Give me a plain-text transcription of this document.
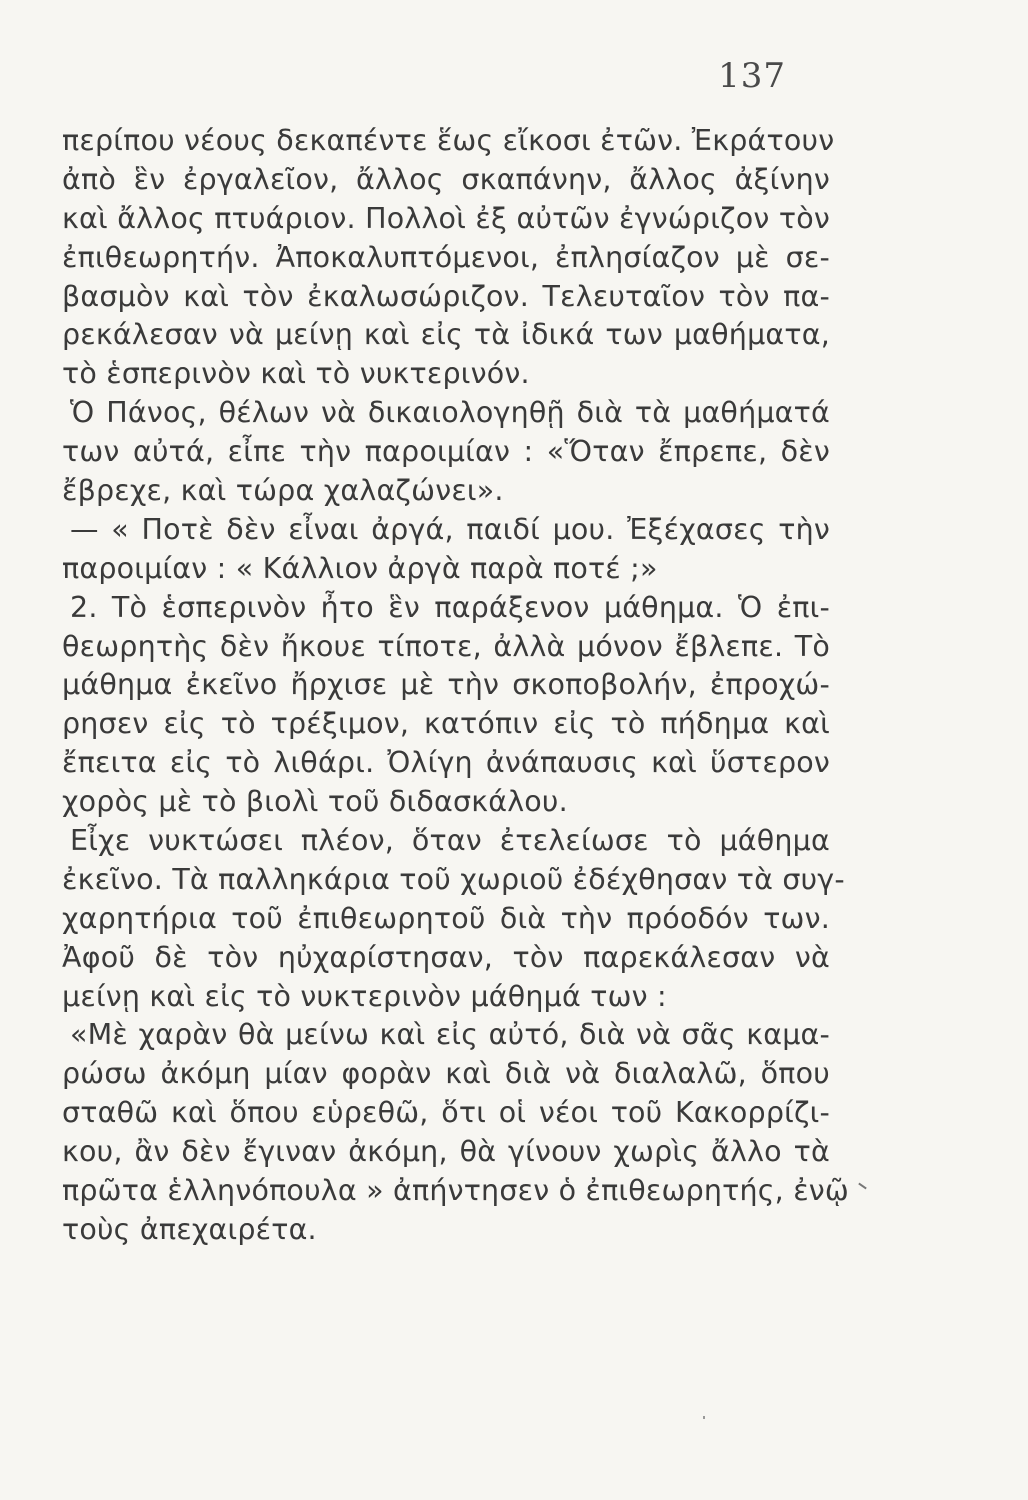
137
περίπου νέους δεκαπέντε ἕως εἴκοσι ἐτῶν. Ἐκράτουν
ἀπὸ ἓν ἐργαλεῖον, ἄλλος σκαπάνην, ἄλλος ἀξίνην
καὶ ἄλλος πτυάριον. Πολλοὶ ἐξ αὐτῶν ἐγνώριζον τὸν
ἐπιθεωρητήν. Ἀποκαλυπτόμενοι, ἐπλησίαζον μὲ σε-
βασμὸν καὶ τὸν ἐκαλωσώριζον. Τελευταῖον τὸν πα-
ρεκάλεσαν νὰ μείνῃ καὶ εἰς τὰ ἰδικά των μαθήματα,
τὸ ἑσπερινὸν καὶ τὸ νυκτερινόν.
Ὁ Πάνος, θέλων νὰ δικαιολογηθῇ διὰ τὰ μαθήματά
των αὐτά, εἶπε τὴν παροιμίαν : «Ὅταν ἔπρεπε, δὲν
ἔβρεχε, καὶ τώρα χαλαζώνει».
— « Ποτὲ δὲν εἶναι ἀργά, παιδί μου. Ἐξέχασες τὴν
παροιμίαν : « Κάλλιον ἀργὰ παρὰ ποτέ ;»
2. Τὸ ἑσπερινὸν ἦτο ἓν παράξενον μάθημα. Ὁ ἐπι-
θεωρητὴς δὲν ἤκουε τίποτε, ἀλλὰ μόνον ἔβλεπε. Τὸ
μάθημα ἐκεῖνο ἤρχισε μὲ τὴν σκοποβολήν, ἐπροχώ-
ρησεν εἰς τὸ τρέξιμον, κατόπιν εἰς τὸ πήδημα καὶ
ἔπειτα εἰς τὸ λιθάρι. Ὀλίγη ἀνάπαυσις καὶ ὕστερον
χορὸς μὲ τὸ βιολὶ τοῦ διδασκάλου.
Εἶχε νυκτώσει πλέον, ὅταν ἐτελείωσε τὸ μάθημα
ἐκεῖνο. Τὰ παλληκάρια τοῦ χωριοῦ ἐδέχθησαν τὰ συγ-
χαρητήρια τοῦ ἐπιθεωρητοῦ διὰ τὴν πρόοδόν των.
Ἀφοῦ δὲ τὸν ηὐχαρίστησαν, τὸν παρεκάλεσαν νὰ
μείνῃ καὶ εἰς τὸ νυκτερινὸν μάθημά των :
«Μὲ χαρὰν θὰ μείνω καὶ εἰς αὐτό, διὰ νὰ σᾶς καμα-
ρώσω ἀκόμη μίαν φορὰν καὶ διὰ νὰ διαλαλῶ, ὅπου
σταθῶ καὶ ὅπου εὑρεθῶ, ὅτι οἱ νέοι τοῦ Κακορρίζι-
κου, ἂν δὲν ἔγιναν ἀκόμη, θὰ γίνουν χωρὶς ἄλλο τὰ
πρῶτα ἑλληνόπουλα » ἀπήντησεν ὁ ἐπιθεωρητής, ἐνῷ
τοὺς ἀπεχαιρέτα.
